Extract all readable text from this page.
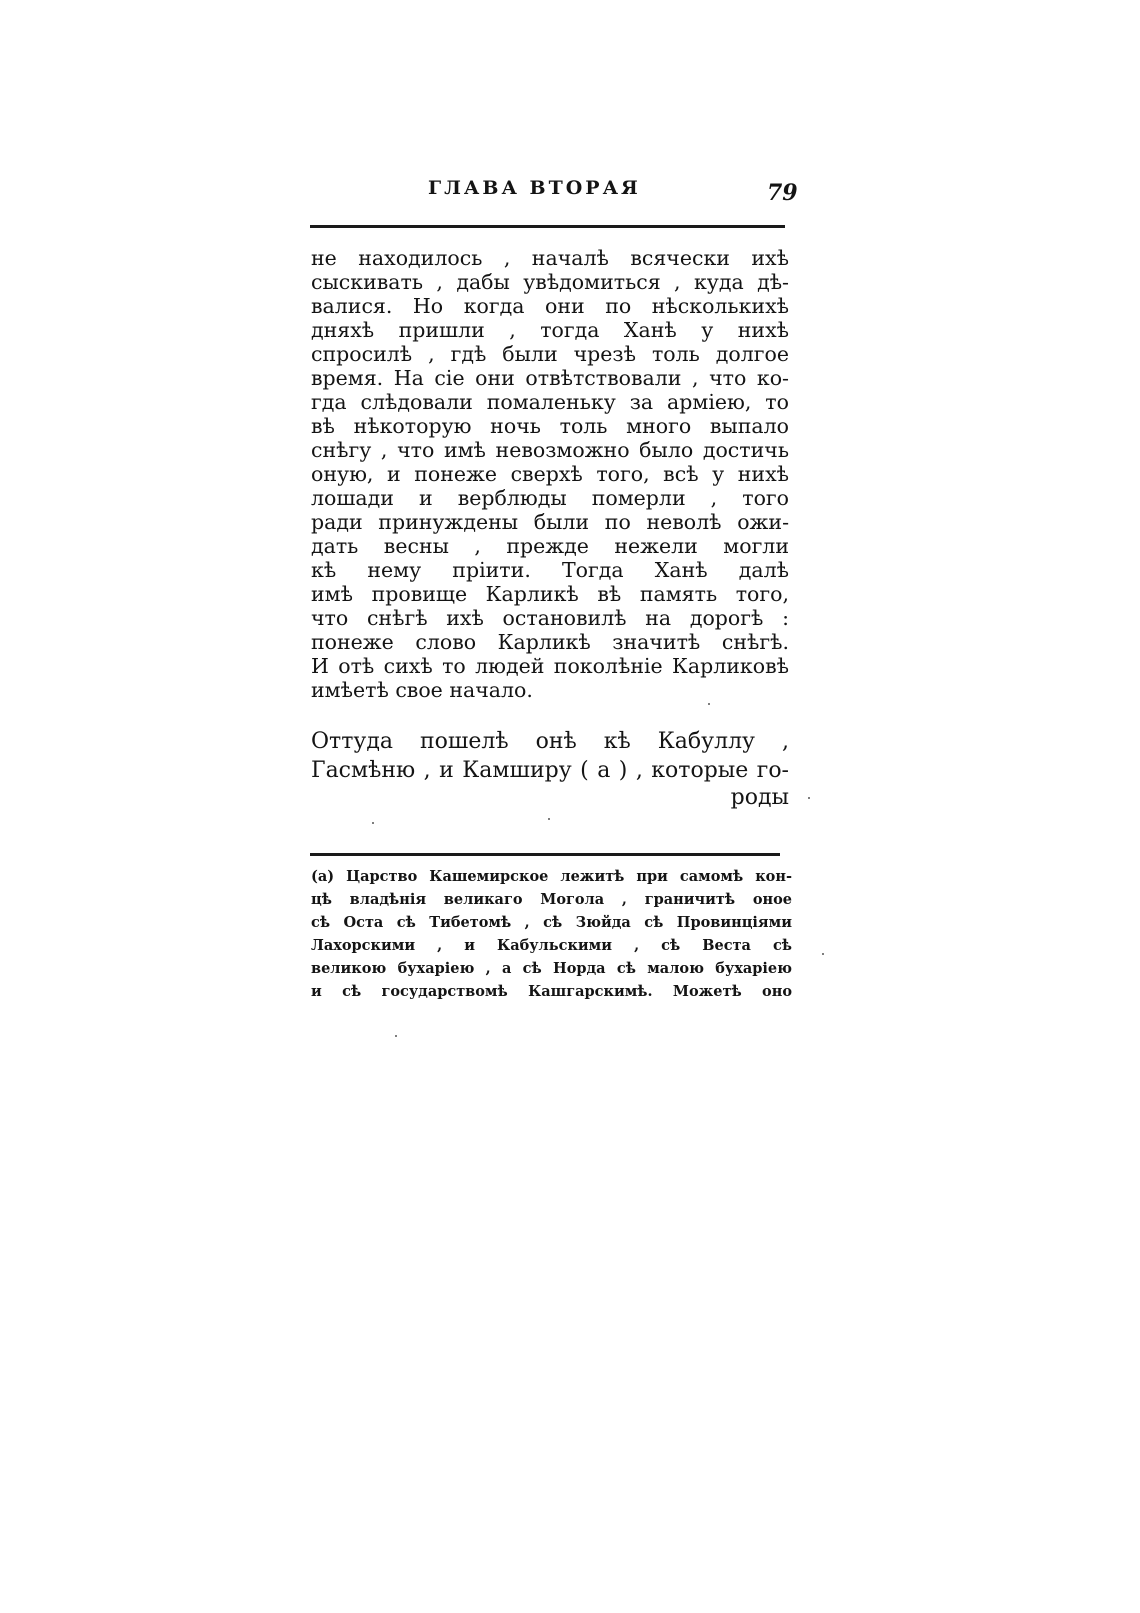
ГЛАВА ВТОРАЯ	79
не находилось , началѣ всячески ихѣ
сыскивать , дабы увѣдомиться , куда дѣ-
валися. Но когда они по нѣсколькихѣ
дняхѣ пришли , тогда Ханѣ у нихѣ
спросилѣ , гдѣ были чрезѣ толь долгое
время. На сіе они отвѣтствовали , что ко-
гда слѣдовали помаленьку за арміею, то
вѣ нѣкоторую ночь толь много выпало
снѣгу , что имѣ невозможно было достичь
оную, и понеже сверхѣ того, всѣ у нихѣ
лошади и верблюды померли , того
ради принуждены были по неволѣ ожи-
дать весны , прежде нежели могли
кѣ нему пріити. Тогда Ханѣ далѣ
имѣ провище Карликѣ вѣ память того,
что снѣгѣ ихѣ остановилѣ на дорогѣ :
понеже слово Карликѣ значитѣ снѣгѣ.
И отѣ сихѣ то людей поколѣніе Карликовѣ
имѣетѣ свое начало.
Оттуда пошелѣ онѣ кѣ Кабуллу ,
Гасмѣню , и Камширу ( а ) , которые го-
роды
(а) Царство Кашемирское лежитѣ при самомѣ кон-
цѣ владѣнія великаго Могола , граничитѣ оное
сѣ Оста сѣ Тибетомѣ , сѣ Зюйда сѣ Провинціями
Лахорскими , и Кабульскими , сѣ Веста сѣ
великою бухаріею , а сѣ Норда сѣ малою бухаріею
и сѣ государствомѣ Кашгарскимѣ. Можетѣ оно
